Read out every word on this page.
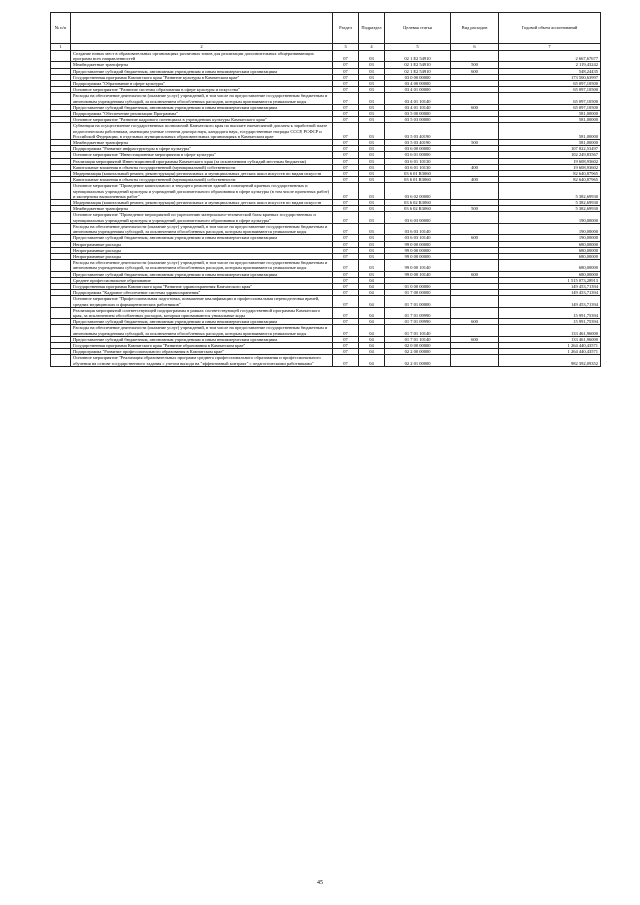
№ п/п		Раздел	Подраздел	Целевая статья	Вид расходов	Годовой объем ассигнований
1	2	3	4	5	6	7
	Создание новых мест в образовательных организациях различных типов для реализации дополнительных общеразвивающих программ всех направленностей	07	03	02 1 E2 54910		2 667,67677
	Межбюджетные трансферты	07	03	02 1 E2 54910	500	2 119,43242
	Предоставление субсидий бюджетным, автономным учреждениям и иным некоммерческим организациям	07	03	02 1 E2 54910	600	548,24435
	Государственная программа Камчатского края "Развитие культуры в Камчатском крае"	07	03	03 0 00 00000		173 500,63997
	Подпрограмма "Образование в сфере культуры"	07	03	03 4 00 00000		65 097,10500
	Основное мероприятие "Развитие системы образования в сфере культуры и искусства"	07	03	03 4 01 00000		65 097,10500
	Расходы на обеспечение деятельности (оказание услуг) учреждений, в том числе на предоставление государственным бюджетным и автономным учреждениям субсидий, за исключением обособленных расходов, которым присваиваются уникальные коды	07	03	03 4 01 10140		65 097,10500
	Предоставление субсидий бюджетным, автономным учреждениям и иным некоммерческим организациям	07	03	03 4 01 10140	600	65 097,10500
	Подпрограмма "Обеспечение реализации Программы"	07	03	03 5 00 00000		581,00000
	Основное мероприятие "Развитие кадрового потенциала в учреждениях культуры Камчатского края"	07	03	03 5 03 00000		581,00000
	Субвенции на осуществление государственных полномочий Камчатского края по выплате ежемесячной доплаты к заработной плате педагогическим работникам, имеющим ученые степени доктора наук, кандидата наук, государственные награды СССР, РСФСР и Российской Федерации, в отдельных муниципальных образовательных организациях в Камчатском крае	07	03	03 5 03 40190		581,00000
	Межбюджетные трансферты	07	03	03 5 03 40190	500	581,00000
	Подпрограмма "Развитие инфраструктуры в сфере культуры"	07	03	03 6 00 00000		107 822,53497
	Основное мероприятие "Инвестиционные мероприятия в сфере культуры"	07	03	03 6 01 00000		102 249,83567
	Реализация мероприятий Инвестиционной программы Камчатского края (за исключением субсидий местным бюджетам)	07	03	03 6 01 10130		19 608,93602
	Капитальные вложения в объекты государственной (муниципальной) собственности	07	03	03 6 01 10130	400	19 608,93602
	Модернизация (капитальный ремонт, реконструкция) региональных и муниципальных детских школ искусств по видам искусств	07	03	03 6 01 R3060		82 640,87965
	Капитальные вложения в объекты государственной (муниципальной) собственности	07	03	03 6 01 R3060	400	82 640,87965
	Основное мероприятие "Проведение капитального и текущего ремонтов зданий и помещений краевых государственных и муниципальных учреждений культуры и учреждений дополнительного образования в сфере культуры (в том числе проектных работ) и экспертизы выполненных работ"	07	03	03 6 02 00000		5 382,69930
	Модернизация (капитальный ремонт, реконструкция) региональных и муниципальных детских школ искусств по видам искусств	07	03	03 6 02 R3060		5 382,69930
	Межбюджетные трансферты	07	03	03 6 02 R3060	500	5 382,69930
	Основное мероприятие "Проведение мероприятий по укреплению материально-технической базы краевых государственных и муниципальных учреждений культуры и учреждений дополнительного образования в сфере культуры"	07	03	03 6 03 00000		190,00000
	Расходы на обеспечение деятельности (оказание услуг) учреждений, в том числе на предоставление государственным бюджетным и автономным учреждениям субсидий, за исключением обособленных расходов, которым присваиваются уникальные коды	07	03	03 6 03 10140		190,00000
	Предоставление субсидий бюджетным, автономным учреждениям и иным некоммерческим организациям	07	03	03 6 03 10140	600	190,00000
	Непрограммные расходы	07	03	99 0 00 00000		680,00000
	Непрограммные расходы	07	03	99 0 00 00000		680,00000
	Непрограммные расходы	07	03	99 0 00 00000		680,00000
	Расходы на обеспечение деятельности (оказание услуг) учреждений, в том числе на предоставление государственным бюджетным и автономным учреждениям субсидий, за исключением обособленных расходов, которым присваиваются уникальные коды	07	03	99 0 00 10140		680,00000
	Предоставление субсидий бюджетным, автономным учреждениям и иным некоммерческим организациям	07	03	99 0 00 10140	600	680,00000
	Среднее профессиональное образование	07	04			1 515 073,28913
	Государственная программа Камчатского края "Развитие здравоохранения Камчатского края"	07	04	01 0 00 00000		149 453,71394
	Подпрограмма "Кадровое обеспечение системы здравоохранения"	07	04	01 7 00 00000		149 453,71394
	Основное мероприятие "Профессиональная подготовка, повышение квалификации и профессиональная переподготовка врачей, средних медицинских и фармацевтических работников"	07	04	01 7 01 00000		149 453,71394
	Реализация мероприятий соответствующей подпрограммы в рамках соответствующей государственной программы Камчатского края, за исключением обособленных расходов, которым присваиваются уникальные коды	07	04	01 7 01 09990		15 991,75394
	Предоставление субсидий бюджетным, автономным учреждениям и иным некоммерческим организациям	07	04	01 7 01 09990	600	15 991,75394
	Расходы на обеспечение деятельности (оказание услуг) учреждений, в том числе на предоставление государственным бюджетным и автономным учреждениям субсидий, за исключением обособленных расходов, которым присваиваются уникальные коды	07	04	01 7 01 10140		133 461,96000
	Предоставление субсидий бюджетным, автономным учреждениям и иным некоммерческим организациям	07	04	01 7 01 10140	600	133 461,96000
	Государственная программа Камчатского края "Развитие образования в Камчатском крае"	07	04	02 0 00 00000		1 264 440,43571
	Подпрограмма "Развитие профессионального образования в Камчатском крае"	07	04	02 2 00 00000		1 264 440,43571
	Основное мероприятие "Реализация образовательных программ среднего профессионального образования и профессионального обучения на основе государственного задания с учетом выхода на "эффективный контракт" с педагогическими работниками"	07	04	02 2 01 00000		982 392,09352
45
